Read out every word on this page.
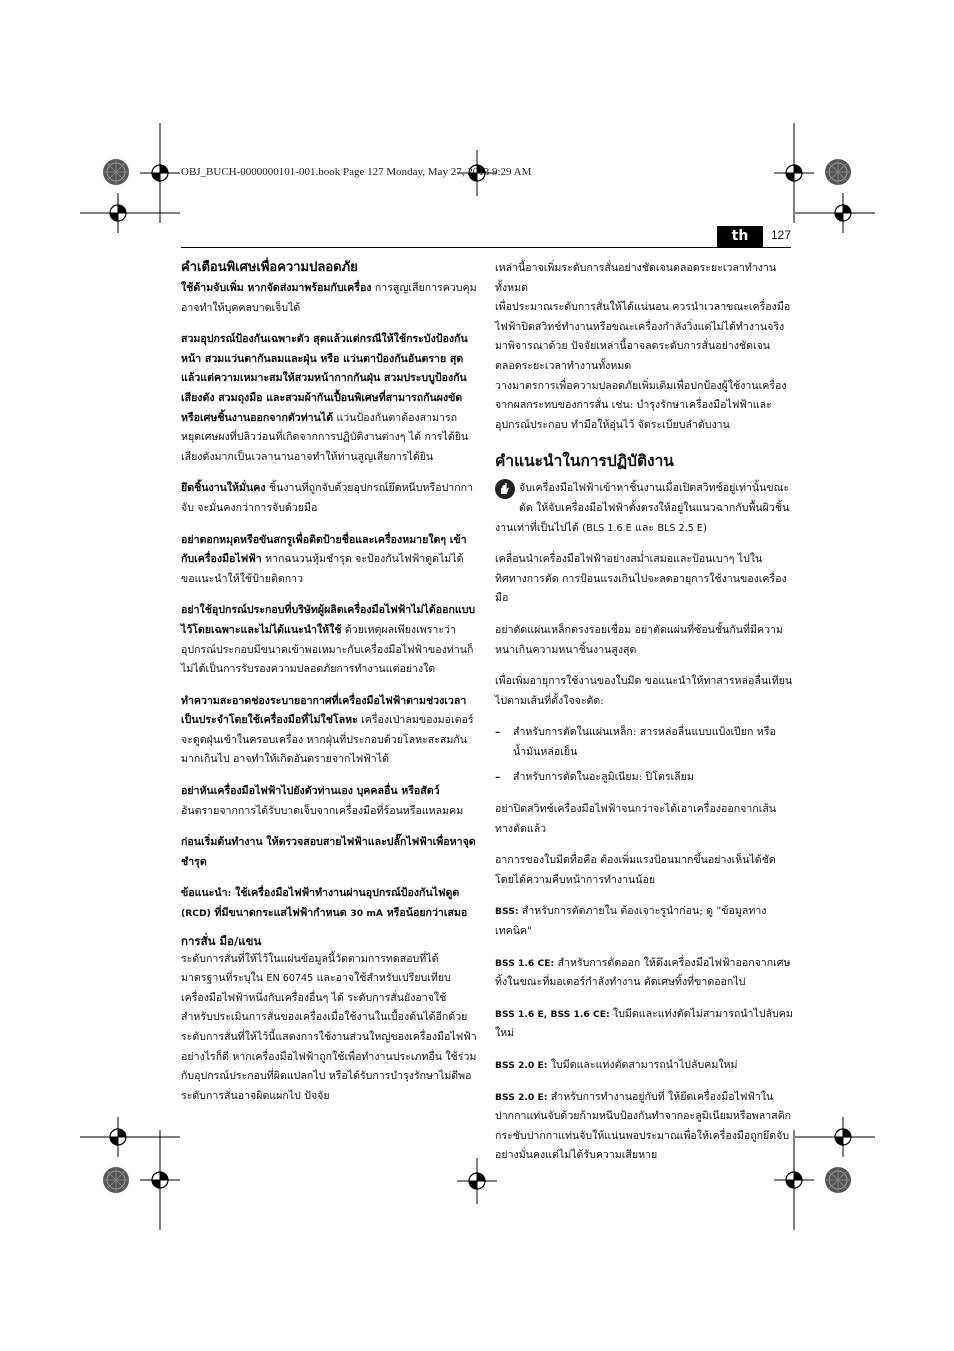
OBJ_BUCH-0000000101-001.book Page 127 Monday, May 27, 2013 9:29 AM
th	127
คำเตือนพิเศษเพื่อความปลอดภัย

ใช้ด้ามจับเพิ่ม หากจัดส่งมาพร้อมกับเครื่อง การสูญเสียการควบคุมอาจทำให้บุคคลบาดเจ็บได้

สวมอุปกรณ์ป้องกันเฉพาะตัว สุดแล้วแต่กรณีให้ใช้กระบังป้องกันหน้า สวมแว่นตากันลมและฝุ่น หรือ แว่นตาป้องกันอันตราย สุดแล้วแต่ความเหมาะสมให้สวมหน้ากากกันฝุ่น สวมประบบูป้องกันเสียงดัง สวมถุงมือ และสวมผ้ากันเปื้อนพิเศษที่สามารถกันผงขัดหรือเศษชิ้นงานออกจากตัวท่านได้ แว่นป้องกันตาต้องสามารถหยุดเศษผงที่ปลิวว่อนที่เกิดจากการปฏิบัติงานต่างๆ ได้ การได้ยินเสียงดังมากเป็นเวลานานอาจทำให้ท่านสูญเสียการได้ยิน

ยึดชิ้นงานให้มั่นคง ชิ้นงานที่ถูกจับด้วยอุปกรณ์ยึดหนีบหรือปากกาจับ จะมั่นคงกว่าการจับด้วยมือ

อย่าตอกหมุดหรือขันสกรูเพื่อติดป้ายชื่อและเครื่องหมายใดๆ เข้ากับเครื่องมือไฟฟ้า หากฉนวนหุ้มชำรุด จะป้องกันไฟฟ้าดูดไม่ได้ ขอแนะนำให้ใช้ป้ายติดกาว

อย่าใช้อุปกรณ์ประกอบที่บริษัทผู้ผลิตเครื่องมือไฟฟ้าไม่ได้ออกแบบไว้โดยเฉพาะและไม่ได้แนะนำให้ใช้ ด้วยเหตุผลเพียงเพราะว่าอุปกรณ์ประกอบมีขนาดเข้าพอเหมาะกับเครื่องมือไฟฟ้าของท่านก็ไม่ได้เป็นการรับรองความปลอดภัยการทำงานแต่อย่างใด

ทำความสะอาดช่องระบายอากาศที่เครื่องมือไฟฟ้าตามช่วงเวลาเป็นประจำโดยใช้เครื่องมือที่ไม่ใช่โลหะ เครื่องเป่าลมของมอเตอร์จะดูดฝุ่นเข้าในครอบเครื่อง หากฝุ่นที่ประกอบด้วยโลหะสะสมกันมากเกินไป อาจทำให้เกิดอันตรายจากไฟฟ้าได้

อย่าหันเครื่องมือไฟฟ้าไปยังตัวท่านเอง บุคคลอื่น หรือสัตว์ อันตรายจากการได้รับบาดเจ็บจากเครื่องมือที่ร้อนหรือแหลมคม

ก่อนเริ่มต้นทำงาน ให้ตรวจสอบสายไฟฟ้าและปลั๊กไฟฟ้าเพื่อหาจุดชำรุด

ข้อแนะนำ: ใช้เครื่องมือไฟฟ้าทำงานผ่านอุปกรณ์ป้องกันไฟดูด (RCD) ที่มีขนาดกระแสไฟฟ้ากำหนด 30 mA หรือน้อยกว่าเสมอ

การสั่น มือ/แขน

ระดับการสั่นที่ให้ไว้ในแผ่นข้อมูลนี้วัดตามการทดสอบที่ได้มาตรฐานที่ระบุใน EN 60745 และอาจใช้สำหรับเปรียบเทียบเครื่องมือไฟฟ้าหนึ่งกับเครื่องอื่นๆ ได้ ระดับการสั่นยังอาจใช้สำหรับประเมินการสั่นของเครื่องเมื่อใช้งานในเบื้องต้นได้อีกด้วย

ระดับการสั่นที่ให้ไว้นี้แสดงการใช้งานส่วนใหญ่ของเครื่องมือไฟฟ้า อย่างไรก็ดี หากเครื่องมือไฟฟ้าถูกใช้เพื่อทำงานประเภทอื่น ใช้ร่วมกับอุปกรณ์ประกอบที่ผิดแปลกไป หรือได้รับการบำรุงรักษาไม่ดีพอ ระดับการสั่นอาจผิดแผกไป ปัจจัย

เหล่านี้อาจเพิ่มระดับการสั่นอย่างชัดเจนตลอดระยะเวลาทำงานทั้งหมด

เพื่อประมาณระดับการสั่นให้ได้แน่นอน ควรนำเวลาขณะเครื่องมือไฟฟ้าปิดสวิทช์ทำงานหรือขณะเครื่องกำลังวิ่งแต่ไม่ได้ทำงานจริงมาพิจารณาด้วย ปัจจัยเหล่านี้อาจลดระดับการสั่นอย่างชัดเจนตลอดระยะเวลาทำงานทั้งหมด

วางมาตรการเพื่อความปลอดภัยเพิ่มเติมเพื่อปกป้องผู้ใช้งานเครื่องจากผลกระทบของการสั่น เช่น: บำรุงรักษาเครื่องมือไฟฟ้าและอุปกรณ์ประกอบ ทำมือให้อุ่นไว้ จัดระเบียบลำดับงาน

คำแนะนำในการปฏิบัติงาน

จับเครื่องมือไฟฟ้าเข้าหาชิ้นงานเมื่อเปิดสวิทช์อยู่เท่านั้นขณะตัด ให้จับเครื่องมือไฟฟ้าตั้งตรงให้อยู่ในแนวฉากกับพื้นผิวชิ้นงานเท่าที่เป็นไปได้ (BLS 1.6 E และ BLS 2.5 E)

เคลื่อนนำเครื่องมือไฟฟ้าอย่างสม่ำเสมอและป้อนเบาๆ ไปในทิศทางการตัด การป้อนแรงเกินไปจะลดอายุการใช้งานของเครื่องมือ

อย่าตัดแผ่นเหล็กตรงรอยเชื่อม อย่าตัดแผ่นที่ซ้อนชั้นกันที่มีความหนาเกินความหนาชิ้นงานสูงสุด

เพื่อเพิ่มอายุการใช้งานของใบมีด ขอแนะนำให้ทาสารหล่อลื่นเทียนไปตามเส้นที่ตั้งใจจะตัด:

– สำหรับการตัดในแผ่นเหล็ก: สารหล่อลื่นแบบแป้งเปียก หรือน้ำมันหล่อเย็น
– สำหรับการตัดในอะลูมิเนียม: ปิโตรเลียม

อย่าปิดสวิทช์เครื่องมือไฟฟ้าจนกว่าจะได้เอาเครื่องออกจากเส้นทางตัดแล้ว

อาการของใบมีดทื่อคือ ต้องเพิ่มแรงป้อนมากขึ้นอย่างเห็นได้ชัดโดยได้ความคืบหน้าการทำงานน้อย

BSS: สำหรับการตัดภายใน ต้องเจาะรูนำก่อน; ดู "ข้อมูลทางเทคนิค"

BSS 1.6 CE: สำหรับการตัดออก ให้ดึงเครื่องมือไฟฟ้าออกจากเศษทิ้งในขณะที่มอเตอร์กำลังทำงาน ตัดเศษทิ้งที่ขาดออกไป

BSS 1.6 E, BSS 1.6 CE: ใบมีดและแท่งตัดไม่สามารถนำไปลับคมใหม่

BSS 2.0 E: ใบมีดและแท่งตัดสามารถนำไปลับคมใหม่

BSS 2.0 E: สำหรับการทำงานอยู่กับที่ ให้ยึดเครื่องมือไฟฟ้าในปากกาแท่นจับด้วยก้ามหนีบป้องกันทำจากอะลูมิเนียมหรือพลาสติก กระชับปากกาแท่นจับให้แน่นพอประมาณเพื่อให้เครื่องมือถูกยึดจับอย่างมั่นคงแต่ไม่ได้รับความเสียหาย
